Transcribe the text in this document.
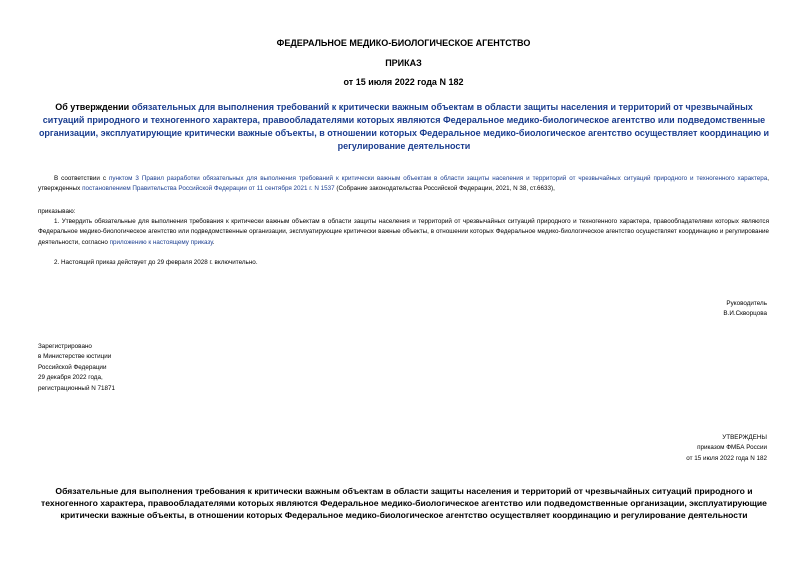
ФЕДЕРАЛЬНОЕ МЕДИКО-БИОЛОГИЧЕСКОЕ АГЕНТСТВО
ПРИКАЗ
от 15 июля 2022 года N 182
Об утверждении обязательных для выполнения требований к критически важным объектам в области защиты населения и территорий от чрезвычайных ситуаций природного и техногенного характера, правообладателями которых являются Федеральное медико-биологическое агентство или подведомственные организации, эксплуатирующие критически важные объекты, в отношении которых Федеральное медико-биологическое агентство осуществляет координацию и регулирование деятельности
В соответствии с пунктом 3 Правил разработки обязательных для выполнения требований к критически важным объектам в области защиты населения и территорий от чрезвычайных ситуаций природного и техногенного характера, утвержденных постановлением Правительства Российской Федерации от 11 сентября 2021 г. N 1537 (Собрание законодательства Российской Федерации, 2021, N 38, ст.6633),
приказываю:
1. Утвердить обязательные для выполнения требования к критически важным объектам в области защиты населения и территорий от чрезвычайных ситуаций природного и техногенного характера, правообладателями которых являются Федеральное медико-биологическое агентство или подведомственные организации, эксплуатирующие критически важные объекты, в отношении которых Федеральное медико-биологическое агентство осуществляет координацию и регулирование деятельности, согласно приложению к настоящему приказу.
2. Настоящий приказ действует до 29 февраля 2028 г. включительно.
Руководитель
В.И.Скворцова
Зарегистрировано
в Министерстве юстиции
Российской Федерации
29 декабря 2022 года,
регистрационный N 71871
УТВЕРЖДЕНЫ
приказом ФМБА России
от 15 июля 2022 года N 182
Обязательные для выполнения требования к критически важным объектам в области защиты населения и территорий от чрезвычайных ситуаций природного и техногенного характера, правообладателями которых являются Федеральное медико-биологическое агентство или подведомственные организации, эксплуатирующие критически важные объекты, в отношении которых Федеральное медико-биологическое агентство осуществляет координацию и регулирование деятельности
